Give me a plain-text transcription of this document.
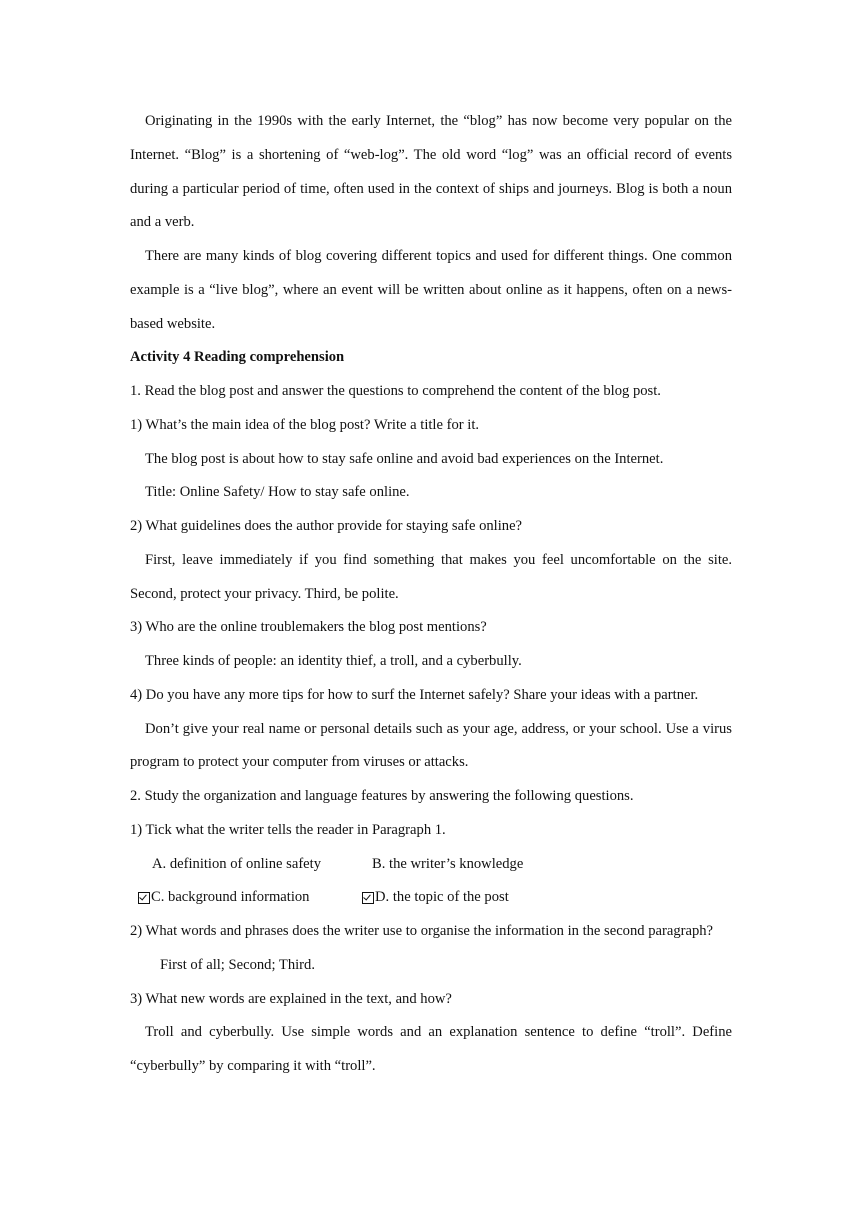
Originating in the 1990s with the early Internet, the “blog” has now become very popular on the Internet. “Blog” is a shortening of “web-log”. The old word “log” was an official record of events during a particular period of time, often used in the context of ships and journeys. Blog is both a noun and a verb.

There are many kinds of blog covering different topics and used for different things. One common example is a “live blog”, where an event will be written about online as it happens, often on a news-based website.

Activity 4 Reading comprehension

1. Read the blog post and answer the questions to comprehend the content of the blog post.

1) What’s the main idea of the blog post? Write a title for it.

The blog post is about how to stay safe online and avoid bad experiences on the Internet.

Title: Online Safety/ How to stay safe online.

2) What guidelines does the author provide for staying safe online?

First, leave immediately if you find something that makes you feel uncomfortable on the site. Second, protect your privacy. Third, be polite.

3) Who are the online troublemakers the blog post mentions?

Three kinds of people: an identity thief, a troll, and a cyberbully.

4) Do you have any more tips for how to surf the Internet safely? Share your ideas with a partner.

Don’t give your real name or personal details such as your age, address, or your school. Use a virus program to protect your computer from viruses or attacks.

2. Study the organization and language features by answering the following questions.

1) Tick what the writer tells the reader in Paragraph 1.

A. definition of online safety	B. the writer’s knowledge
C. background information	D. the topic of the post

2) What words and phrases does the writer use to organise the information in the second paragraph?

First of all; Second; Third.

3) What new words are explained in the text, and how?

Troll and cyberbully. Use simple words and an explanation sentence to define “troll”. Define “cyberbully” by comparing it with “troll”.
